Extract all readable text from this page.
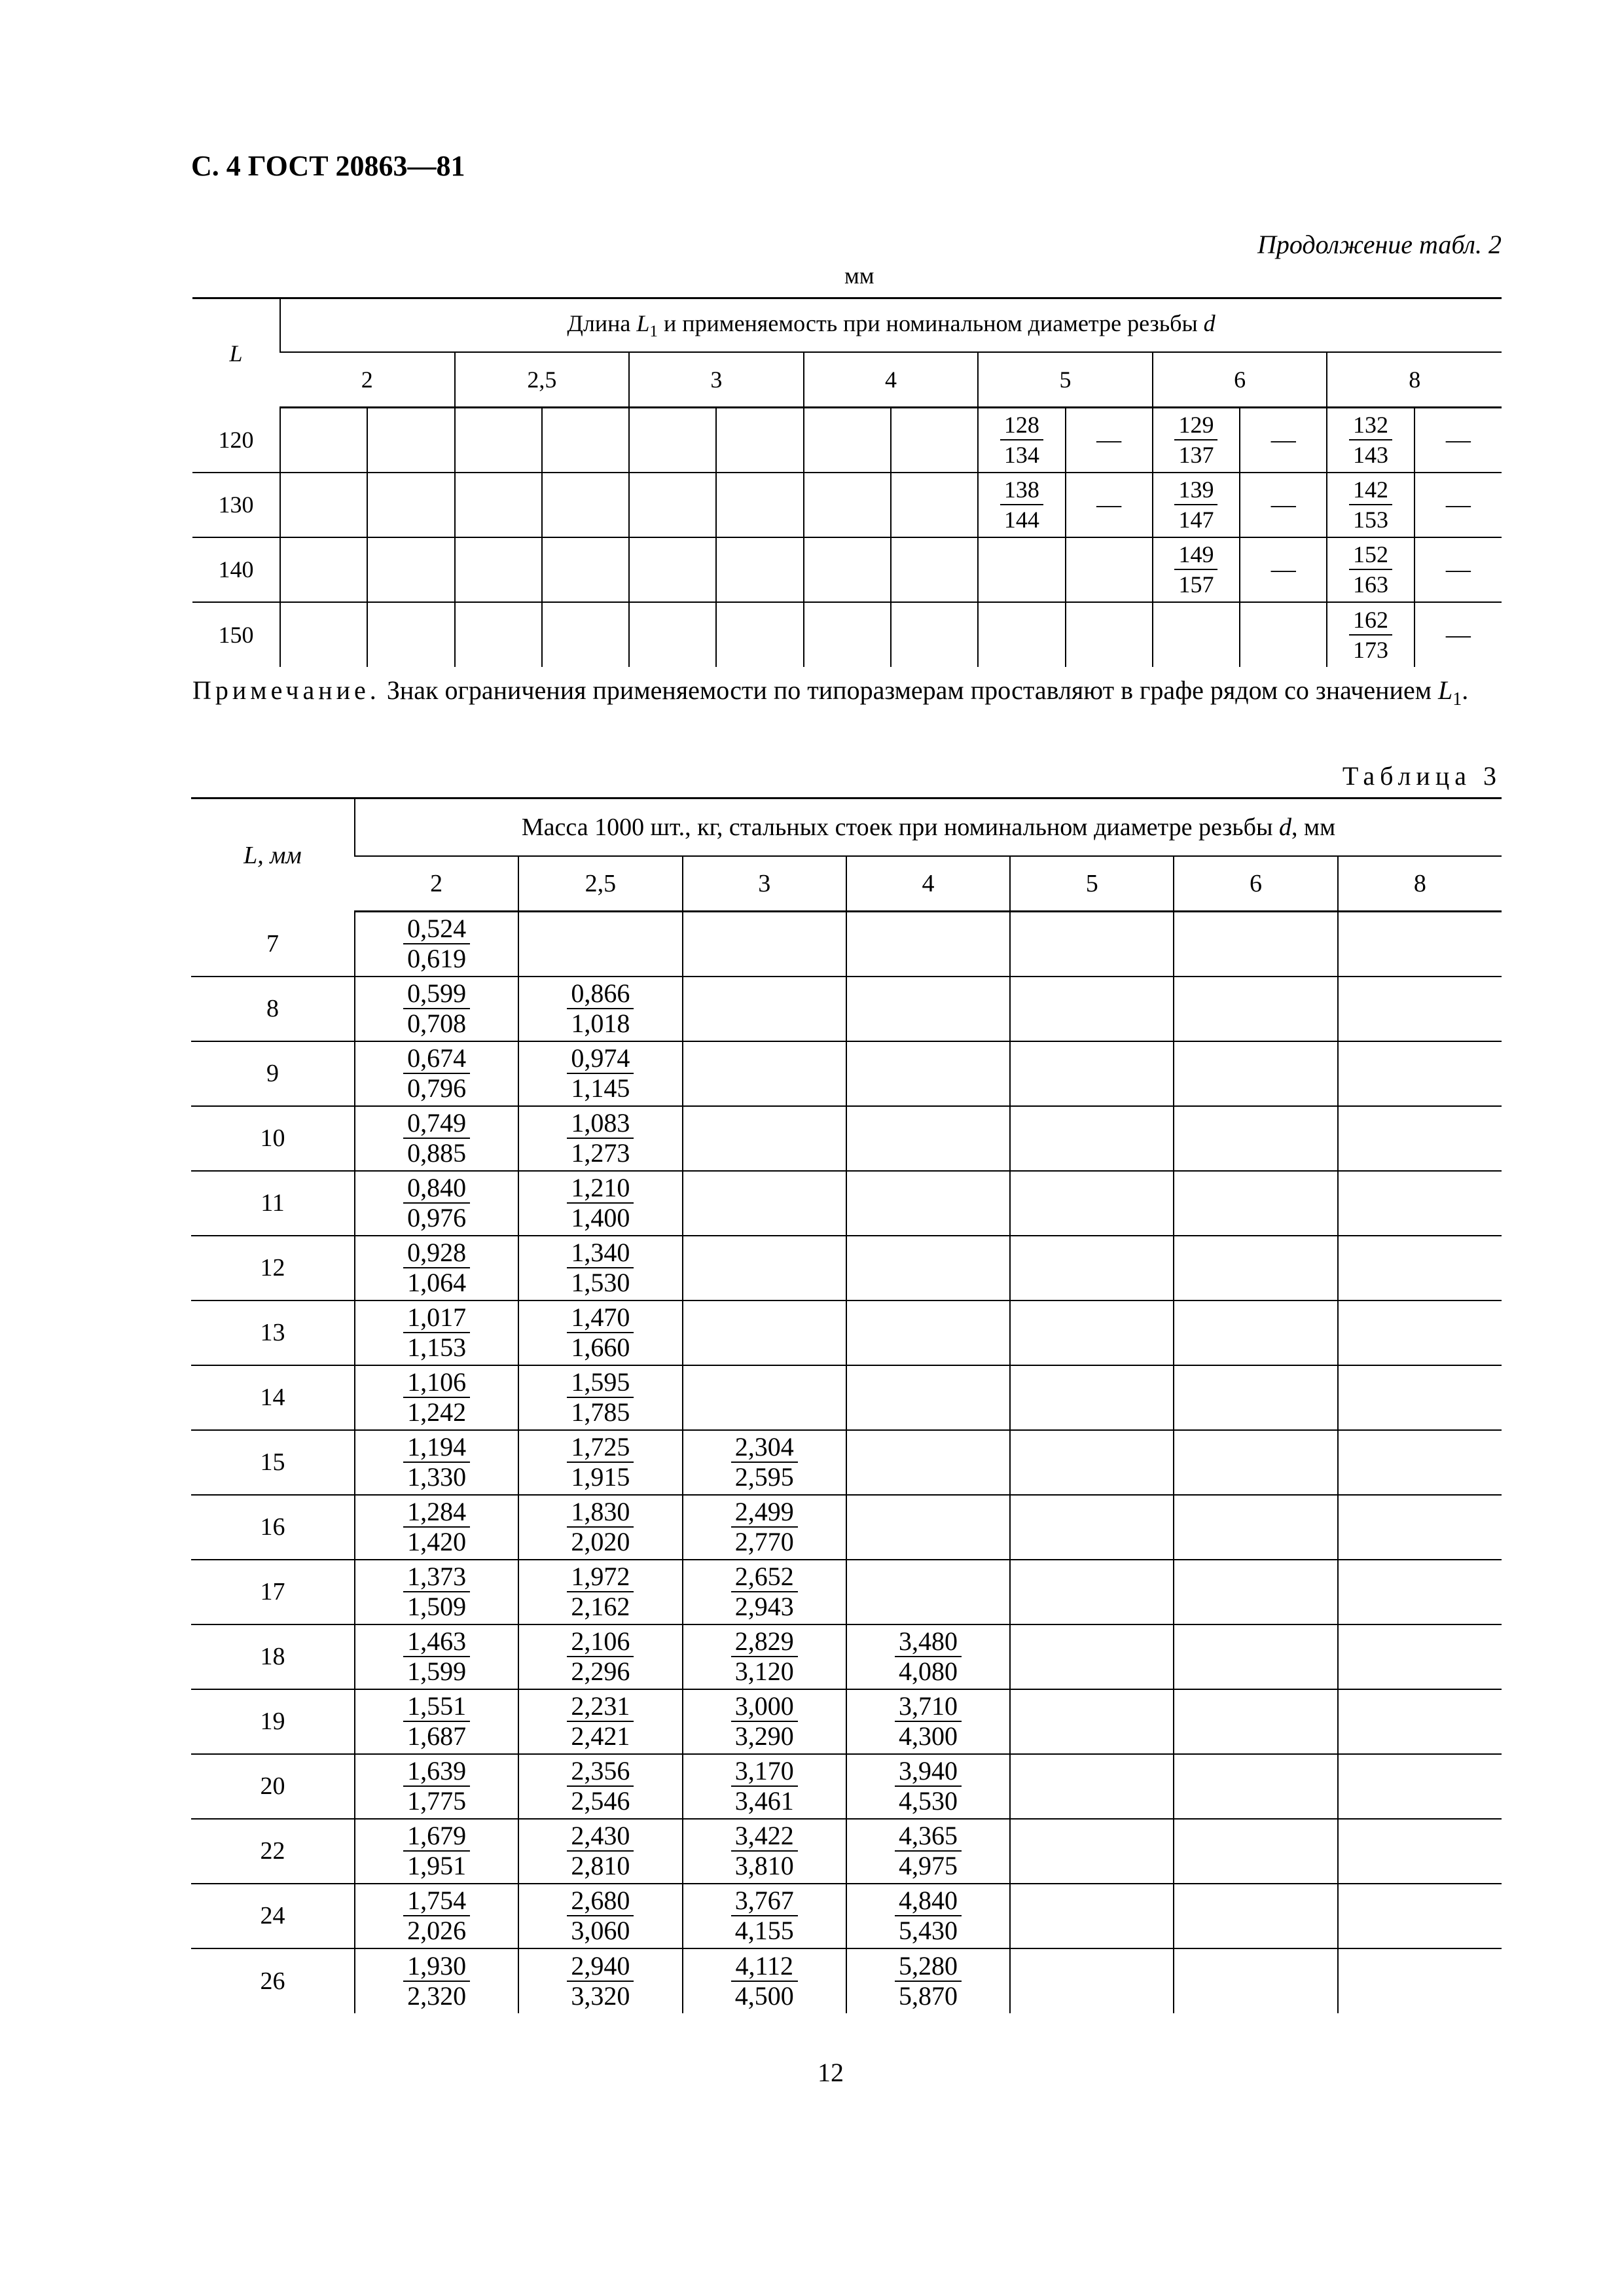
С. 4 ГОСТ 20863—81
Продолжение табл. 2
мм
L	Длина $L_1$ и применяемость при номинальном диаметре резьбы d													
	2		2,5		3		4		5		6		8	
120									$\frac{128}{134}$	—	$\frac{129}{137}$	—	$\frac{132}{143}$	—
130									$\frac{138}{144}$	—	$\frac{139}{147}$	—	$\frac{142}{153}$	—
140											$\frac{149}{157}$	—	$\frac{152}{163}$	—
150													$\frac{162}{173}$	—
Примечание. Знак ограничения применяемости по типоразмерам проставляют в графе рядом со значением $L_1$.
Таблица 3
L, мм	Масса 1000 шт., кг, стальных стоек при номинальном диаметре резьбы d, мм						
	2	2,5	3	4	5	6	8
7	$\frac{0,524}{0,619}$

8	$\frac{0,599}{0,708}$	$\frac{0,866}{1,018}$

9	$\frac{0,674}{0,796}$	$\frac{0,974}{1,145}$

10	$\frac{0,749}{0,885}$	$\frac{1,083}{1,273}$

11	$\frac{0,840}{0,976}$	$\frac{1,210}{1,400}$

12	$\frac{0,928}{1,064}$	$\frac{1,340}{1,530}$

13	$\frac{1,017}{1,153}$	$\frac{1,470}{1,660}$

14	$\frac{1,106}{1,242}$	$\frac{1,595}{1,785}$

15	$\frac{1,194}{1,330}$	$\frac{1,725}{1,915}$	$\frac{2,304}{2,595}$

16	$\frac{1,284}{1,420}$	$\frac{1,830}{2,020}$	$\frac{2,499}{2,770}$

17	$\frac{1,373}{1,509}$	$\frac{1,972}{2,162}$	$\frac{2,652}{2,943}$

18	$\frac{1,463}{1,599}$	$\frac{2,106}{2,296}$	$\frac{2,829}{3,120}$	$\frac{3,480}{4,080}$

19	$\frac{1,551}{1,687}$	$\frac{2,231}{2,421}$	$\frac{3,000}{3,290}$	$\frac{3,710}{4,300}$

20	$\frac{1,639}{1,775}$	$\frac{2,356}{2,546}$	$\frac{3,170}{3,461}$	$\frac{3,940}{4,530}$

22	$\frac{1,679}{1,951}$	$\frac{2,430}{2,810}$	$\frac{3,422}{3,810}$	$\frac{4,365}{4,975}$

24	$\frac{1,754}{2,026}$	$\frac{2,680}{3,060}$	$\frac{3,767}{4,155}$	$\frac{4,840}{5,430}$

26	$\frac{1,930}{2,320}$	$\frac{2,940}{3,320}$	$\frac{4,112}{4,500}$	$\frac{5,280}{5,870}$

12
